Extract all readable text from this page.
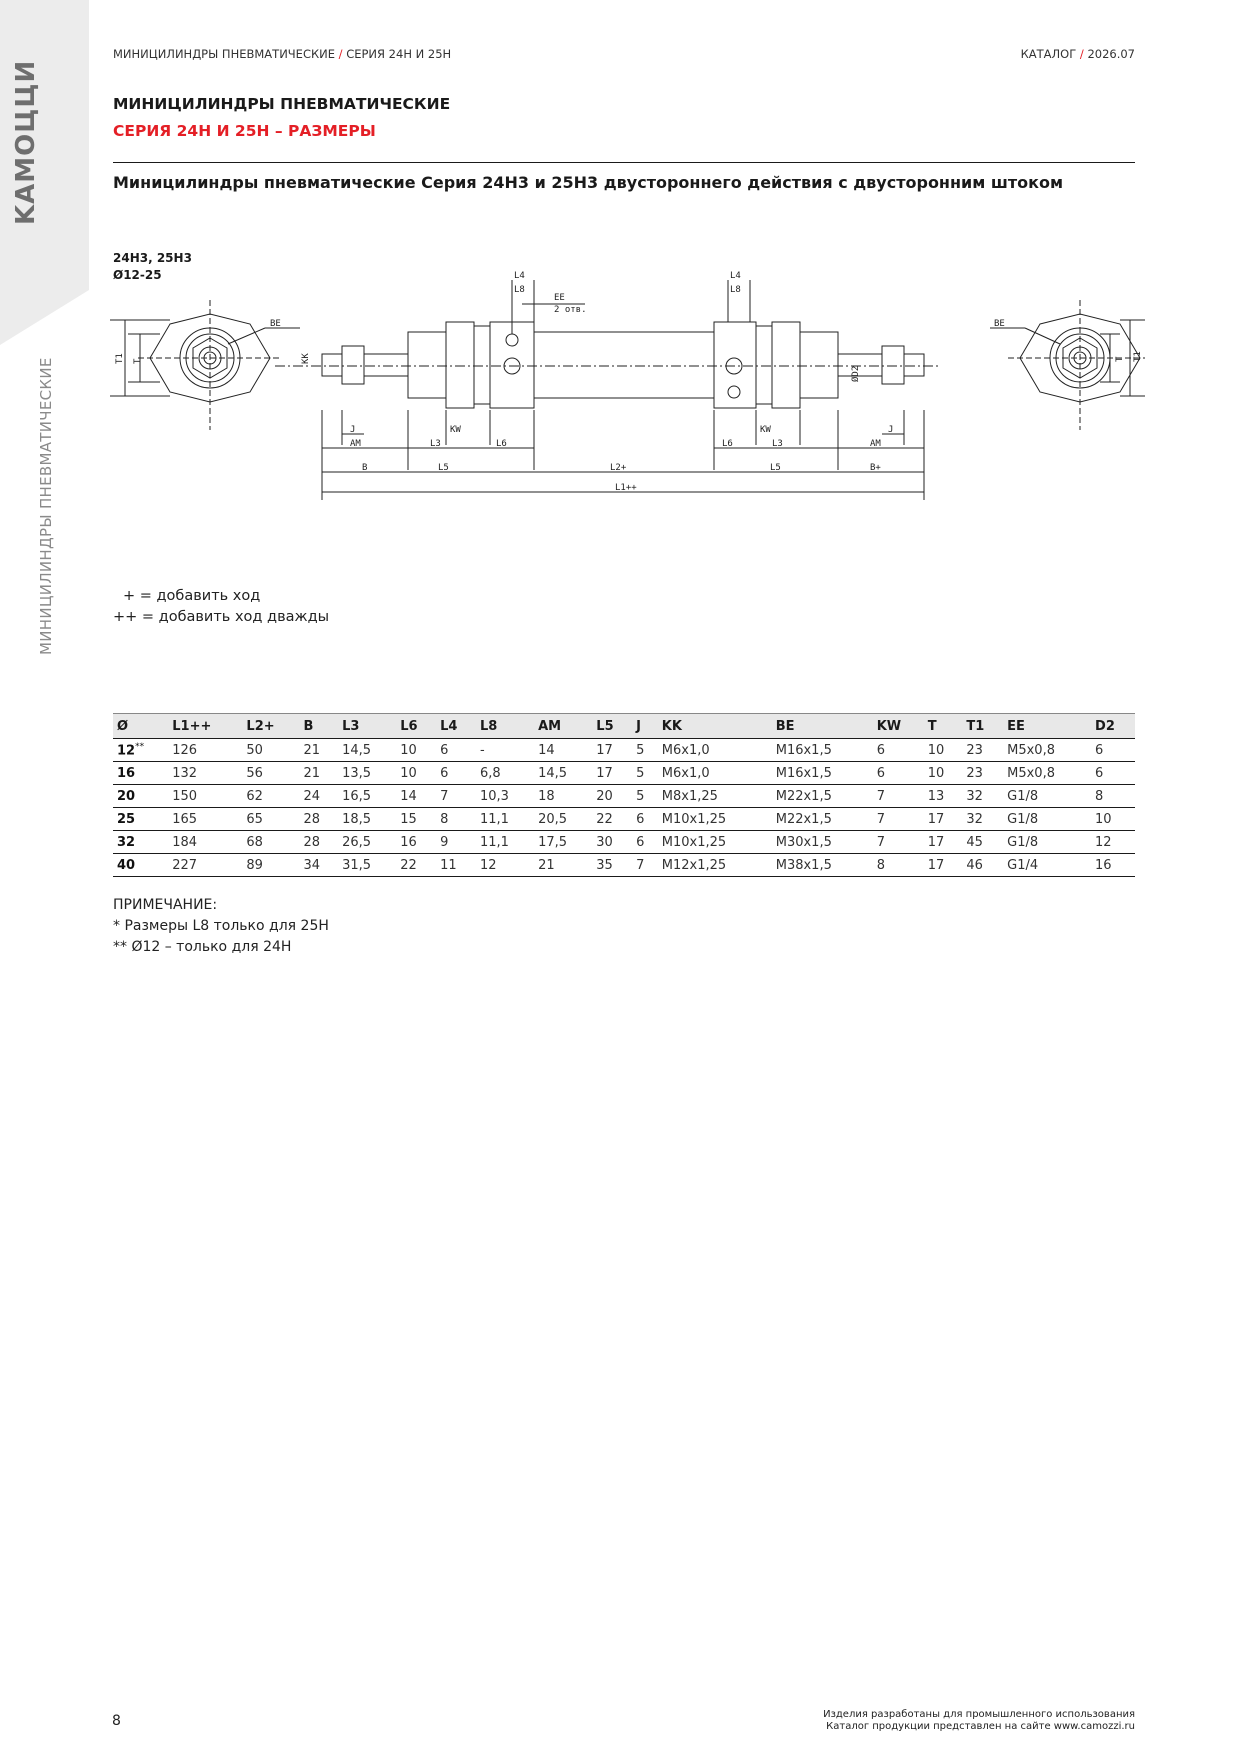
KAMOЦЦИ
МИНИЦИЛИНДРЫ ПНЕВМАТИЧЕСКИЕ
МИНИЦИЛИНДРЫ ПНЕВМАТИЧЕСКИЕ / СЕРИЯ 24H И 25H	КАТАЛОГ / 2026.07
МИНИЦИЛИНДРЫ ПНЕВМАТИЧЕСКИЕ
СЕРИЯ 24H И 25H – РАЗМЕРЫ
Миницилиндры пневматические Серия 24H3 и 25H3 двустороннего действия с двусторонним штоком
24H3, 25H3
Ø12-25
T1 T
BE	BE
T1
T
KK
L4
L8
EE
2 отв.
L4
L8
ØD2
J	KW	KW	J
AM	L3	L6	L6	L3	AM
B	L5	L2+	L5	B+
L1++
+ = добавить ход
++ = добавить ход дважды
Ø	L1++	L2+	B	L3	L6	L4	L8	AM	L5	J	KK	BE	KW	T	T1	EE	D2
12**	126	50	21	14,5	10	6	-	14	17	5	M6x1,0	M16x1,5	6	10	23	M5x0,8	6
16	132	56	21	13,5	10	6	6,8	14,5	17	5	M6x1,0	M16x1,5	6	10	23	M5x0,8	6
20	150	62	24	16,5	14	7	10,3	18	20	5	M8x1,25	M22x1,5	7	13	32	G1/8	8
25	165	65	28	18,5	15	8	11,1	20,5	22	6	M10x1,25	M22x1,5	7	17	32	G1/8	10
32	184	68	28	26,5	16	9	11,1	17,5	30	6	M10x1,25	M30x1,5	7	17	45	G1/8	12
40	227	89	34	31,5	22	11	12	21	35	7	M12x1,25	M38x1,5	8	17	46	G1/4	16
ПРИМЕЧАНИЕ:
* Размеры L8 только для 25H
** Ø12 – только для 24H
8	Изделия разработаны для промышленного использования
Каталог продукции представлен на сайте www.camozzi.ru
